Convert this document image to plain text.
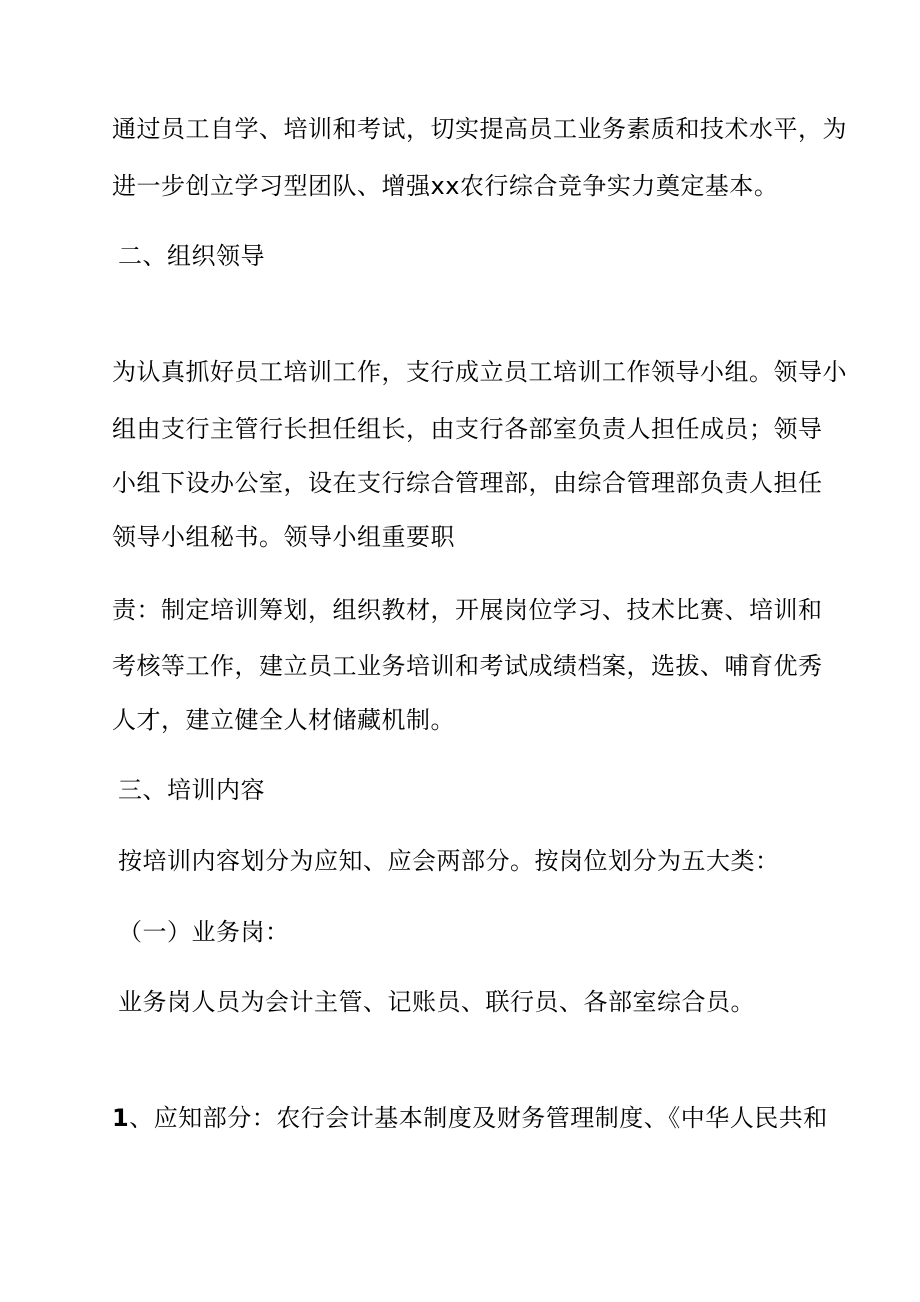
通过员工自学、培训和考试，切实提高员工业务素质和技术水平，为
进一步创立学习型团队、增强xx农行综合竞争实力奠定基本。
二、组织领导
为认真抓好员工培训工作，支行成立员工培训工作领导小组。领导小
组由支行主管行长担任组长，由支行各部室负责人担任成员；领导
小组下设办公室，设在支行综合管理部，由综合管理部负责人担任
领导小组秘书。领导小组重要职
责：制定培训筹划，组织教材，开展岗位学习、技术比赛、培训和
考核等工作，建立员工业务培训和考试成绩档案，选拔、哺育优秀
人才，建立健全人材储藏机制。
三、培训内容
按培训内容划分为应知、应会两部分。按岗位划分为五大类：
（一）业务岗：
业务岗人员为会计主管、记账员、联行员、各部室综合员。
1、应知部分：农行会计基本制度及财务管理制度、《中华人民共和
